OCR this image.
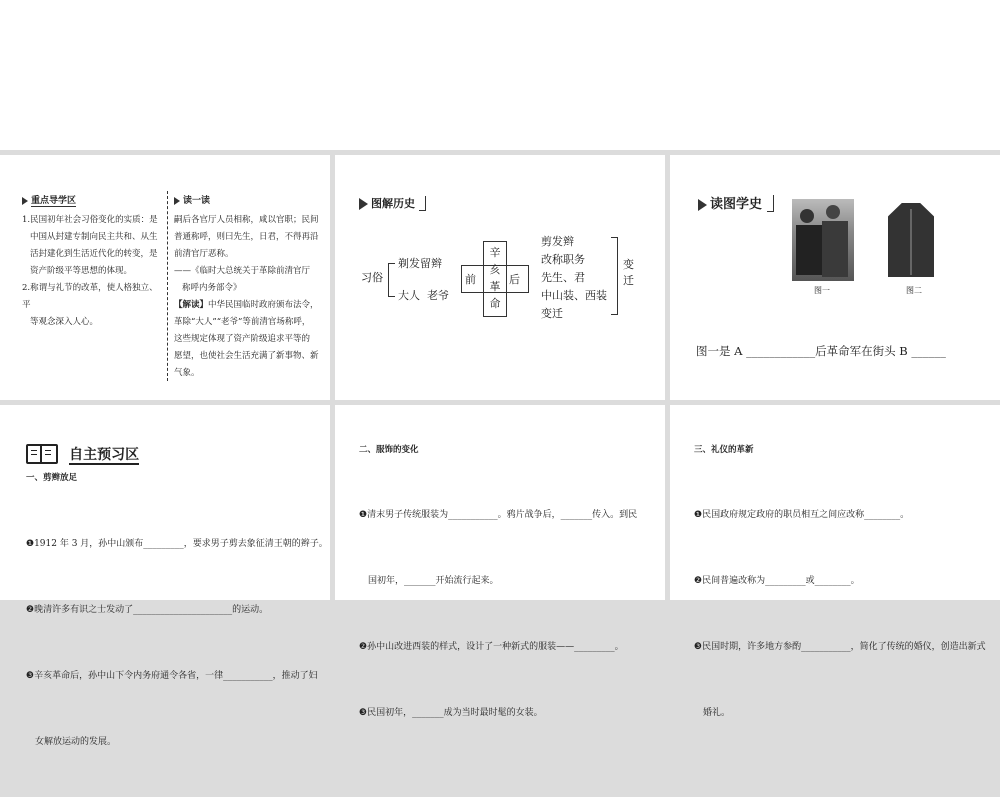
重点导学区
1.民国初年社会习俗变化的实质：是
中国从封建专制向民主共和、从生
活封建化到生活近代化的转变，是
资产阶级平等思想的体现。
2.称谓与礼节的改革，使人格独立、平
等观念深入人心。
读一读
嗣后各官厅人员相称，咸以官职；民间
普通称呼，则曰先生，日君，不得再沿
前清官厅恶称。
——《临时大总统关于革除前清官厅
称呼内务部令》
【解读】中华民国临时政府颁布法令，
革除“大人”“老爷”等前清官场称呼，
这些规定体现了资产阶级追求平等的
愿望，也使社会生活充满了新事物、新
气象。
图解历史
习俗
剃发留辫
大人  老爷
前	后
辛
亥
革
命
剪发辫
改称职务
先生、君
中山装、西装
变迁
变
迁
读图学史
图一	图二

图一是 A ____________后革命军在街头 B ______

自主预习区
一、剪辫放足

❶1912 年 3 月，孙中山颁布_________，要求男子剪去象征清王朝的辫子。

❷晚清许多有识之士发动了______________________的运动。

❸辛亥革命后，孙中山下令内务府通令各省，一律___________，推动了妇

女解放运动的发展。

二、服饰的变化

❶清末男子传统服装为___________。鸦片战争后，_______传入。到民

国初年，_______开始流行起来。

❷孙中山改进西装的样式，设计了一种新式的服装——_________。

❸民国初年，_______成为当时最时髦的女装。

三、礼仪的革新

❶民国政府规定政府的职员相互之间应改称________。

❷民间普遍改称为_________或________。

❸民国时期，许多地方参酌___________，简化了传统的婚仪，创造出新式

婚礼。
